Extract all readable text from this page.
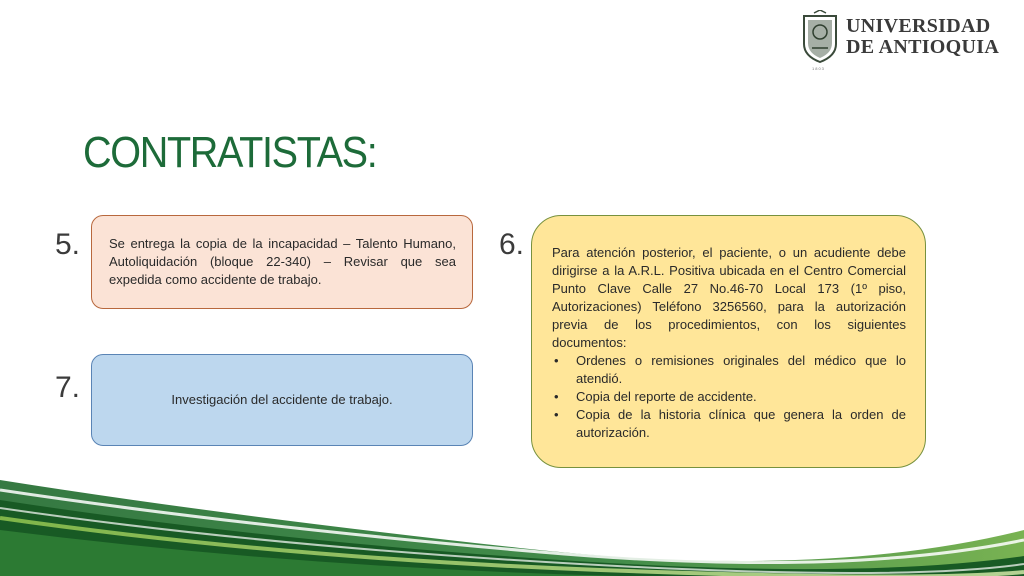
UNIVERSIDAD
DE ANTIOQUIA
1803
CONTRATISTAS:
5.	6.
7.

Se entrega la copia de la incapacidad – Talento Humano, Autoliquidación (bloque 22-340) – Revisar que sea expedida como accidente de trabajo.

Investigación del accidente de trabajo.

Para atención posterior, el paciente, o un acudiente debe dirigirse a la A.R.L. Positiva ubicada en el Centro Comercial Punto Clave Calle 27 No.46-70 Local 173 (1º piso, Autorizaciones) Teléfono 3256560, para la autorización previa de los procedimientos, con los siguientes documentos:

• Ordenes o remisiones originales del médico que lo atendió.
• Copia del reporte de accidente.
• Copia de la historia clínica que genera la orden de autorización.
